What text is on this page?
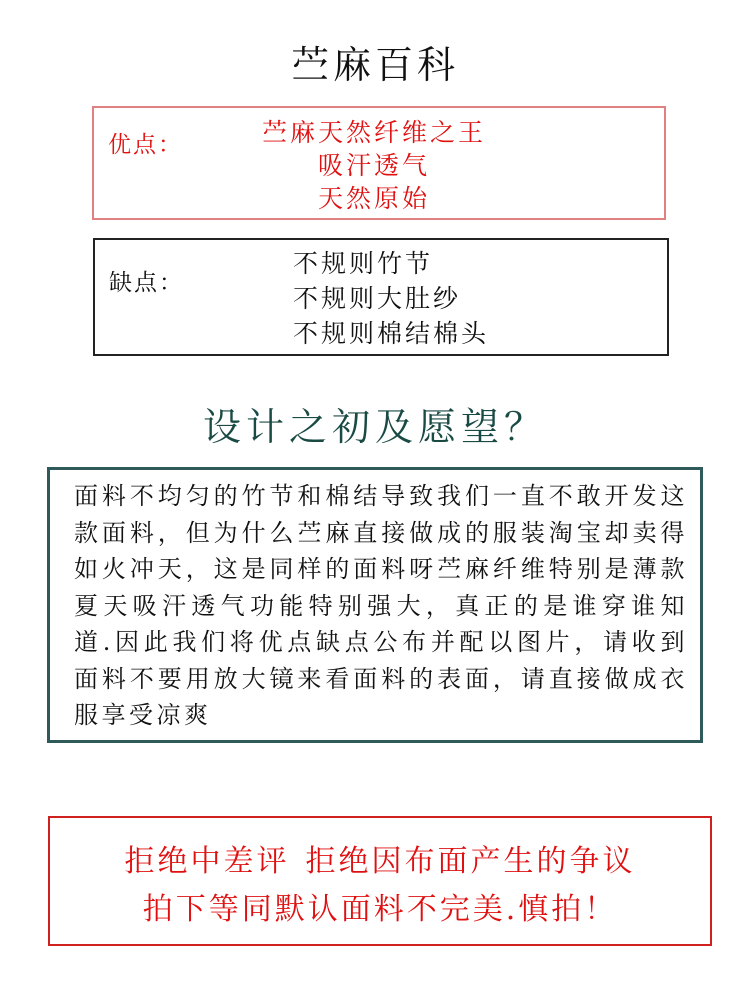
苎麻百科
优点：	苎麻天然纤维之王
吸汗透气
天然原始
缺点：
不规则竹节
不规则大肚纱
不规则棉结棉头
设计之初及愿望？
面料不均匀的竹节和棉结导致我们一直不敢开发这款面料，但为什么苎麻直接做成的服装淘宝却卖得如火冲天，这是同样的面料呀苎麻纤维特别是薄款夏天吸汗透气功能特别强大，真正的是谁穿谁知道.因此我们将优点缺点公布并配以图片，请收到面料不要用放大镜来看面料的表面，请直接做成衣服享受凉爽
拒绝中差评 拒绝因布面产生的争议
拍下等同默认面料不完美.慎拍！
